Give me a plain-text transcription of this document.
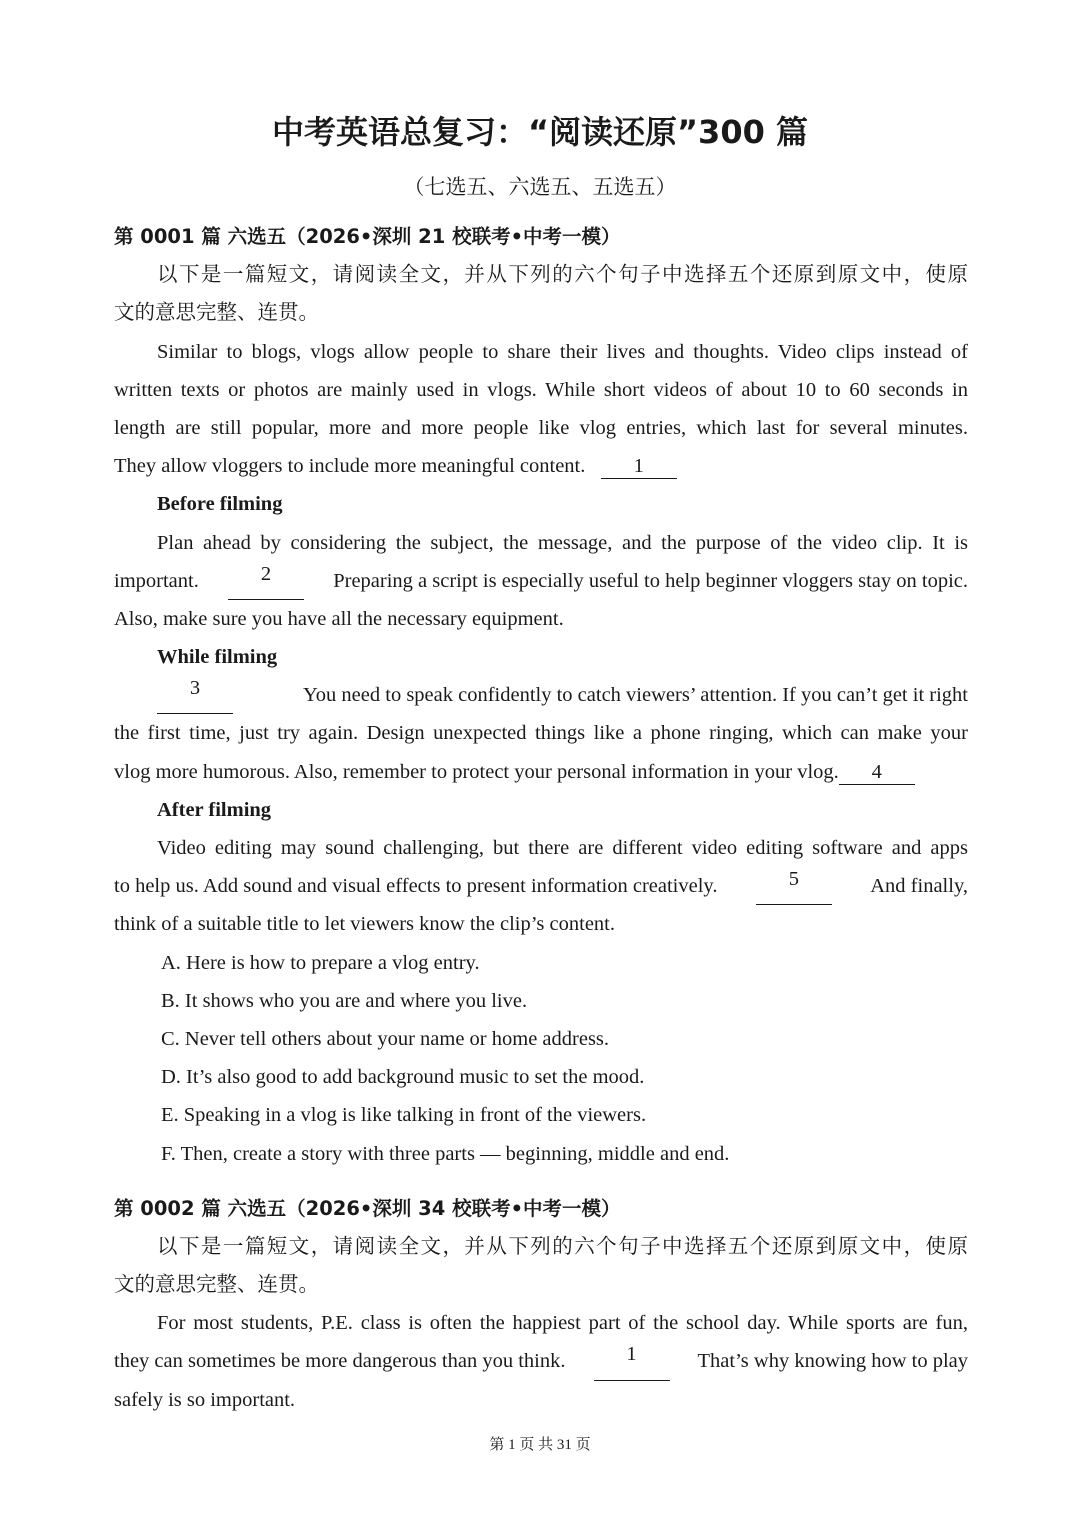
中考英语总复习：“阅读还原”300 篇
（七选五、六选五、五选五）
第 0001 篇 六选五（2026•深圳 21 校联考•中考一模）
以下是一篇短文，请阅读全文，并从下列的六个句子中选择五个还原到原文中，使原
文的意思完整、连贯。
Similar to blogs, vlogs allow people to share their lives and thoughts. Video clips instead of
written texts or photos are mainly used in vlogs. While short videos of about 10 to 60 seconds in
length are still popular, more and more people like vlog entries, which last for several minutes.
They allow vloggers to include more meaningful content. 1
Before filming
Plan ahead by considering the subject, the message, and the purpose of the video clip. It is
important.	2	Preparing a script is especially useful to help beginner vloggers stay on topic.
Also, make sure you have all the necessary equipment.
While filming
3	You need to speak confidently to catch viewers’ attention. If you can’t get it right
the first time, just try again. Design unexpected things like a phone ringing, which can make your
vlog more humorous. Also, remember to protect your personal information in your vlog. 4
After filming
Video editing may sound challenging, but there are different video editing software and apps
to help us. Add sound and visual effects to present information creatively.	5	And finally,
think of a suitable title to let viewers know the clip’s content.
A. Here is how to prepare a vlog entry.
B. It shows who you are and where you live.
C. Never tell others about your name or home address.
D. It’s also good to add background music to set the mood.
E. Speaking in a vlog is like talking in front of the viewers.
F. Then, create a story with three parts — beginning, middle and end.
第 0002 篇 六选五（2026•深圳 34 校联考•中考一模）
以下是一篇短文，请阅读全文，并从下列的六个句子中选择五个还原到原文中，使原
文的意思完整、连贯。
For most students, P.E. class is often the happiest part of the school day. While sports are fun,
they can sometimes be more dangerous than you think.	1	That’s why knowing how to play
safely is so important.
第 1 页 共 31 页
